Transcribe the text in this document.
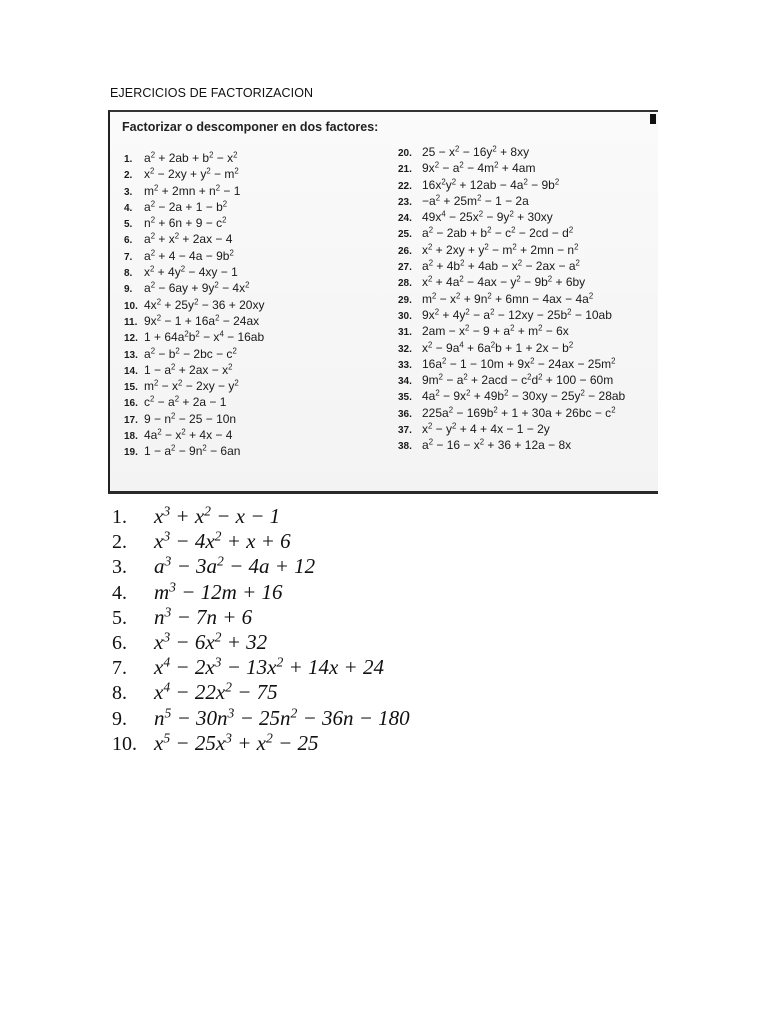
EJERCICIOS DE FACTORIZACION
Factorizar o descomponer en dos factores:
1. $a^2 + 2ab + b^2 - x^2$
2. $x^2 - 2xy + y^2 - m^2$
3. $m^2 + 2mn + n^2 - 1$
4. $a^2 - 2a + 1 - b^2$
5. $n^2 + 6n + 9 - c^2$
6. $a^2 + x^2 + 2ax - 4$
7. $a^2 + 4 - 4a - 9b^2$
8. $x^2 + 4y^2 - 4xy - 1$
9. $a^2 - 6ay + 9y^2 - 4x^2$
10. $4x^2 + 25y^2 - 36 + 20xy$
11. $9x^2 - 1 + 16a^2 - 24ax$
12. $1 + 64a^2b^2 - x^4 - 16ab$
13. $a^2 - b^2 - 2bc - c^2$
14. $1 - a^2 + 2ax - x^2$
15. $m^2 - x^2 - 2xy - y^2$
16. $c^2 - a^2 + 2a - 1$
17. $9 - n^2 - 25 - 10n$
18. $4a^2 - x^2 + 4x - 4$
19. $1 - a^2 - 9n^2 - 6an$
20. $25 - x^2 - 16y^2 + 8xy$
21. $9x^2 - a^2 - 4m^2 + 4am$
22. $16x^2y^2 + 12ab - 4a^2 - 9b^2$
23. $-a^2 + 25m^2 - 1 - 2a$
24. $49x^4 - 25x^2 - 9y^2 + 30xy$
25. $a^2 - 2ab + b^2 - c^2 - 2cd - d^2$
26. $x^2 + 2xy + y^2 - m^2 + 2mn - n^2$
27. $a^2 + 4b^2 + 4ab - x^2 - 2ax - a^2$
28. $x^2 + 4a^2 - 4ax - y^2 - 9b^2 + 6by$
29. $m^2 - x^2 + 9n^2 + 6mn - 4ax - 4a^2$
30. $9x^2 + 4y^2 - a^2 - 12xy - 25b^2 - 10ab$
31. $2am - x^2 - 9 + a^2 + m^2 - 6x$
32. $x^2 - 9a^4 + 6a^2b + 1 + 2x - b^2$
33. $16a^2 - 1 - 10m + 9x^2 - 24ax - 25m^2$
34. $9m^2 - a^2 + 2acd - c^2d^2 + 100 - 60m$
35. $4a^2 - 9x^2 + 49b^2 - 30xy - 25y^2 - 28ab$
36. $225a^2 - 169b^2 + 1 + 30a + 26bc - c^2$
37. $x^2 - y^2 + 4 + 4x - 1 - 2y$
38. $a^2 - 16 - x^2 + 36 + 12a - 8x$
1. $x^3 + x^2 - x - 1$
2. $x^3 - 4x^2 + x + 6$
3. $a^3 - 3a^2 - 4a + 12$
4. $m^3 - 12m + 16$
5. $n^3 - 7n + 6$
6. $x^3 - 6x^2 + 32$
7. $x^4 - 2x^3 - 13x^2 + 14x + 24$
8. $x^4 - 22x^2 - 75$
9. $n^5 - 30n^3 - 25n^2 - 36n - 180$
10. $x^5 - 25x^3 + x^2 - 25$
